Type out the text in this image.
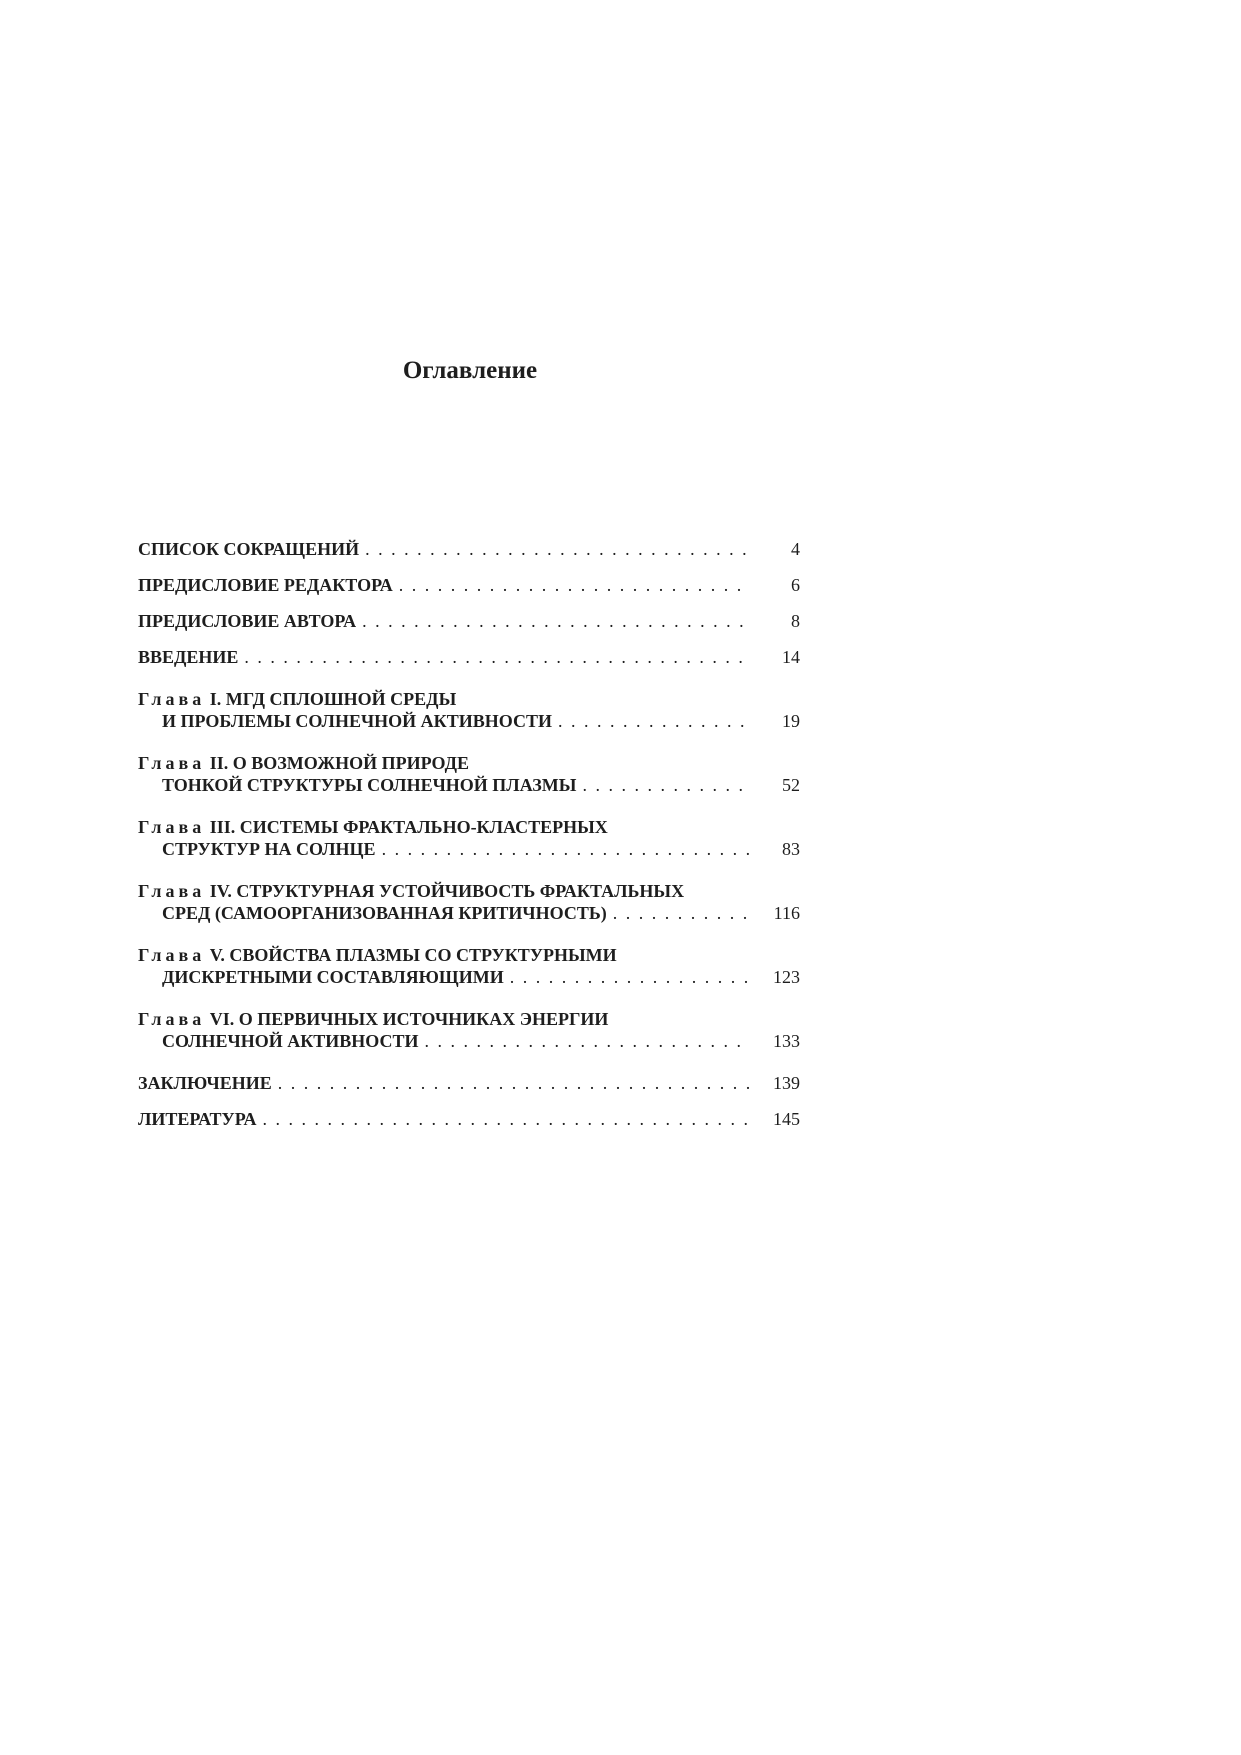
Оглавление
СПИСОК СОКРАЩЕНИЙ . . .	4
ПРЕДИСЛОВИЕ РЕДАКТОРА . . .	6
ПРЕДИСЛОВИЕ АВТОРА . . .	8
ВВЕДЕНИЕ . . .	14
Глава I. МГД СПЛОШНОЙ СРЕДЫ
И ПРОБЛЕМЫ СОЛНЕЧНОЙ АКТИВНОСТИ . . .	19
Глава II. О ВОЗМОЖНОЙ ПРИРОДЕ
ТОНКОЙ СТРУКТУРЫ СОЛНЕЧНОЙ ПЛАЗМЫ . . .	52
Глава III. СИСТЕМЫ ФРАКТАЛЬНО-КЛАСТЕРНЫХ
СТРУКТУР НА СОЛНЦЕ . . .	83
Глава IV. СТРУКТУРНАЯ УСТОЙЧИВОСТЬ ФРАКТАЛЬНЫХ
СРЕД (САМООРГАНИЗОВАННАЯ КРИТИЧНОСТЬ) . . .	116
Глава V. СВОЙСТВА ПЛАЗМЫ СО СТРУКТУРНЫМИ
ДИСКРЕТНЫМИ СОСТАВЛЯЮЩИМИ . . .	123
Глава VI. О ПЕРВИЧНЫХ ИСТОЧНИКАХ ЭНЕРГИИ
СОЛНЕЧНОЙ АКТИВНОСТИ . . .	133
ЗАКЛЮЧЕНИЕ . . .	139
ЛИТЕРАТУРА . . .	145
